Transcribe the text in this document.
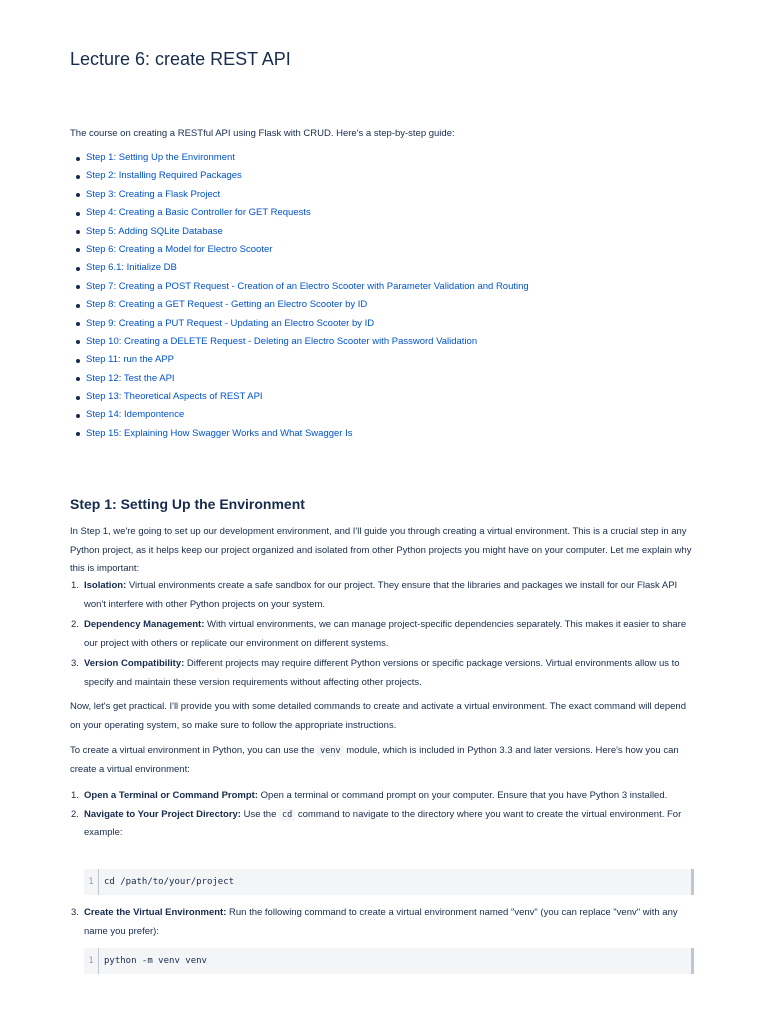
Lecture 6: create REST API

The course on creating a RESTful API using Flask with CRUD. Here's a step-by-step guide:

Step 1: Setting Up the Environment
Step 2: Installing Required Packages
Step 3: Creating a Flask Project
Step 4: Creating a Basic Controller for GET Requests
Step 5: Adding SQLite Database
Step 6: Creating a Model for Electro Scooter
Step 6.1: Initialize DB
Step 7: Creating a POST Request - Creation of an Electro Scooter with Parameter Validation and Routing
Step 8: Creating a GET Request - Getting an Electro Scooter by ID
Step 9: Creating a PUT Request - Updating an Electro Scooter by ID
Step 10: Creating a DELETE Request - Deleting an Electro Scooter with Password Validation
Step 11: run the APP
Step 12: Test the API
Step 13: Theoretical Aspects of REST API
Step 14: Idempontence
Step 15: Explaining How Swagger Works and What Swagger Is
Step 1: Setting Up the Environment

In Step 1, we're going to set up our development environment, and I'll guide you through creating a virtual environment. This is a crucial step in any Python project, as it helps keep our project organized and isolated from other Python projects you might have on your computer. Let me explain why this is important:

1. Isolation: Virtual environments create a safe sandbox for our project. They ensure that the libraries and packages we install for our Flask API won't interfere with other Python projects on your system.
2. Dependency Management: With virtual environments, we can manage project-specific dependencies separately. This makes it easier to share our project with others or replicate our environment on different systems.
3. Version Compatibility: Different projects may require different Python versions or specific package versions. Virtual environments allow us to specify and maintain these version requirements without affecting other projects.

Now, let's get practical. I'll provide you with some detailed commands to create and activate a virtual environment. The exact command will depend on your operating system, so make sure to follow the appropriate instructions.

To create a virtual environment in Python, you can use the venv module, which is included in Python 3.3 and later versions. Here's how you can create a virtual environment:

1. Open a Terminal or Command Prompt: Open a terminal or command prompt on your computer. Ensure that you have Python 3 installed.
2. Navigate to Your Project Directory: Use the cd command to navigate to the directory where you want to create the virtual environment. For example:
1	cd /path/to/your/project
3. Create the Virtual Environment: Run the following command to create a virtual environment named "venv" (you can replace "venv" with any name you prefer):
1	python -m venv venv
